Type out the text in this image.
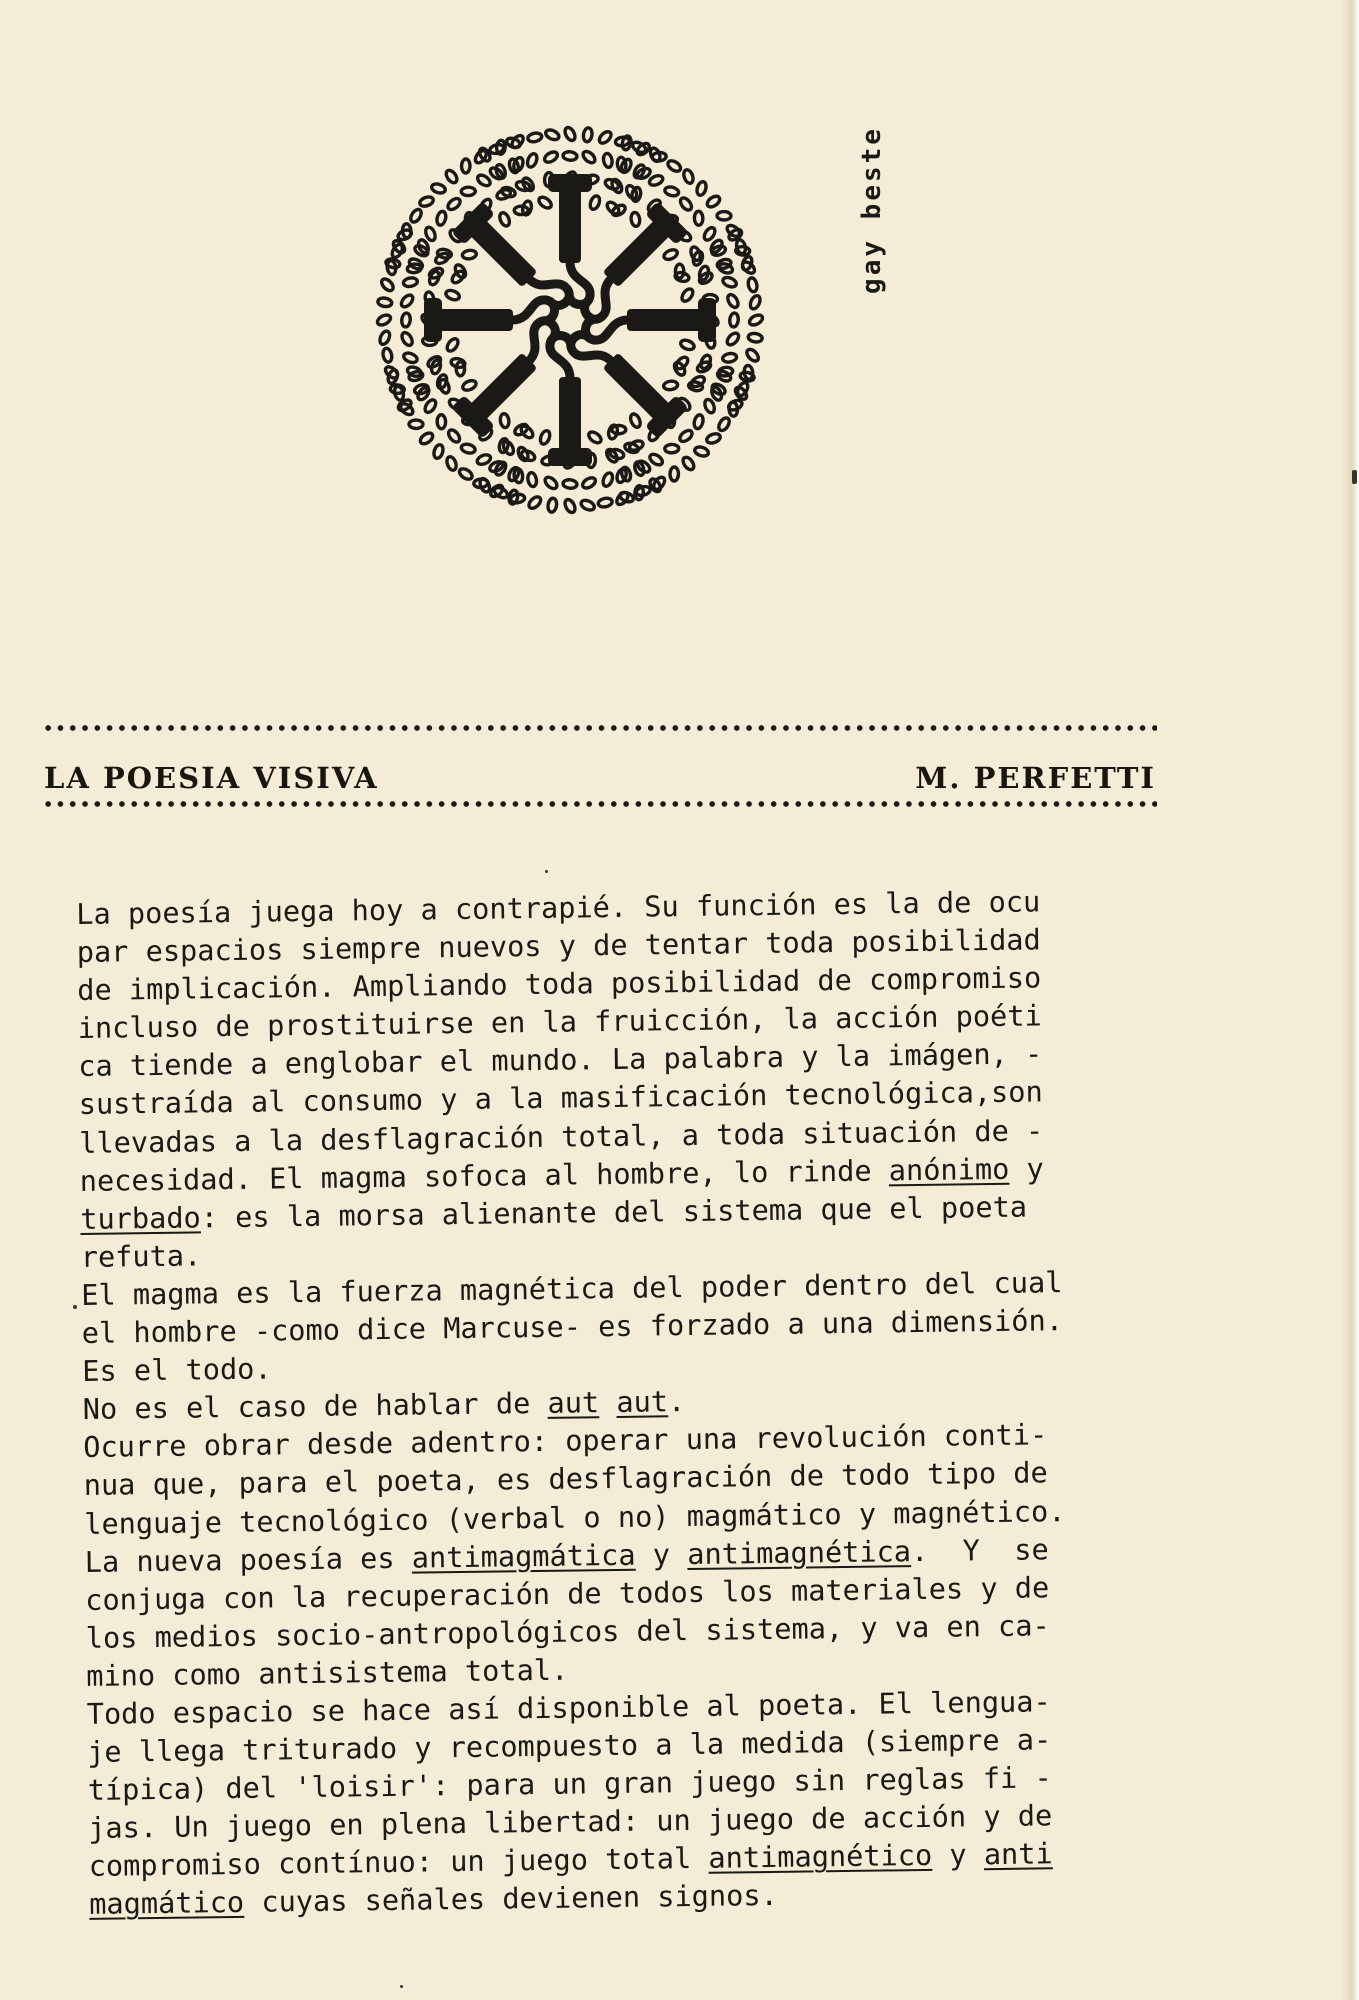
gay beste
LA POESIA VISIVA	M. PERFETTI
La poesía juega hoy a contrapié. Su función es la de ocu
par espacios siempre nuevos y de tentar toda posibilidad
de implicación. Ampliando toda posibilidad de compromiso
incluso de prostituirse en la fruicción, la acción poéti
ca tiende a englobar el mundo. La palabra y la imágen, -
sustraída al consumo y a la masificación tecnológica,son
llevadas a la desflagración total, a toda situación de -
necesidad. El magma sofoca al hombre, lo rinde anónimo y
turbado: es la morsa alienante del sistema que el poeta
refuta.
El magma es la fuerza magnética del poder dentro del cual
el hombre -como dice Marcuse- es forzado a una dimensión.
Es el todo.
No es el caso de hablar de aut aut.
Ocurre obrar desde adentro: operar una revolución conti-
nua que, para el poeta, es desflagración de todo tipo de
lenguaje tecnológico (verbal o no) magmático y magnético.
La nueva poesía es antimagmática y antimagnética.  Y  se
conjuga con la recuperación de todos los materiales y de
los medios socio-antropológicos del sistema, y va en ca-
mino como antisistema total.
Todo espacio se hace así disponible al poeta. El lengua-
je llega triturado y recompuesto a la medida (siempre a-
típica) del 'loisir': para un gran juego sin reglas fi -
jas. Un juego en plena libertad: un juego de acción y de
compromiso contínuo: un juego total antimagnético y anti
magmático cuyas señales devienen signos.
